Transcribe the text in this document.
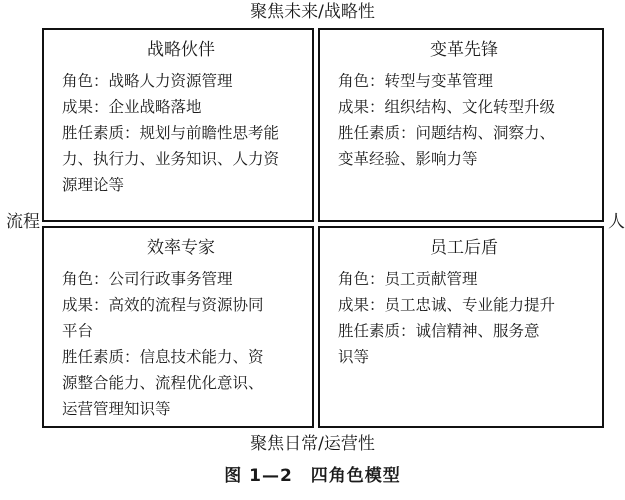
聚焦未来/战略性
流程	人
聚焦日常/运营性
战略伙伴
角色：战略人力资源管理
成果：企业战略落地
胜任素质：规划与前瞻性思考能
力、执行力、业务知识、人力资
源理论等
变革先锋
角色：转型与变革管理
成果：组织结构、文化转型升级
胜任素质：问题结构、洞察力、
变革经验、影响力等
效率专家
角色：公司行政事务管理
成果：高效的流程与资源协同
平台
胜任素质：信息技术能力、资
源整合能力、流程优化意识、
运营管理知识等
员工后盾
角色：员工贡献管理
成果：员工忠诚、专业能力提升
胜任素质：诚信精神、服务意
识等
图 1—2　四角色模型
